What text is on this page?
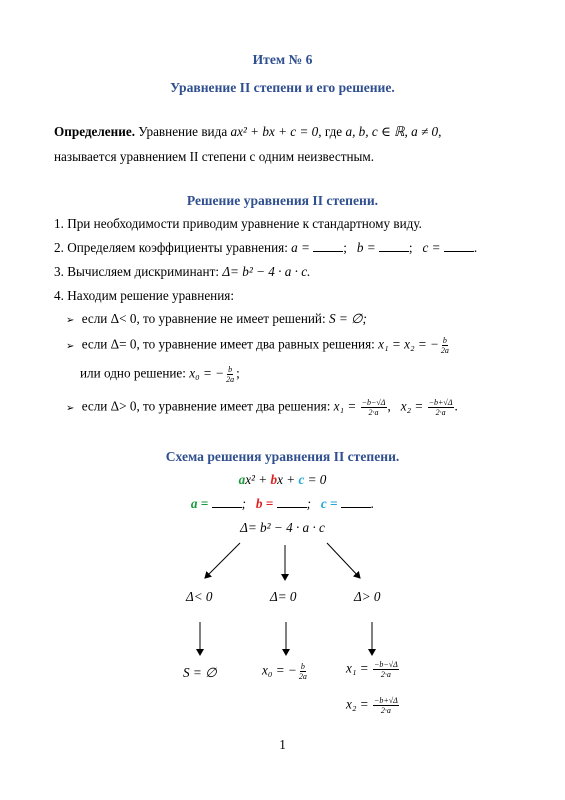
Итем № 6
Уравнение II степени и его решение.
Определение. Уравнение вида ax² + bx + c = 0, где a, b, c ∈ ℝ, a ≠ 0,
называется уравнением II степени с одним неизвестным.
Решение уравнения II степени.
1. При необходимости приводим уравнение к стандартному виду.
2. Определяем коэффициенты уравнения: a =	;   b =	;   c =	.
3. Вычисляем дискриминант: Δ= b² − 4 · a · c.
4. Находим решение уравнения:
➢ если Δ< 0, то уравнение не имеет решений: S = ∅;
➢ если Δ= 0, то уравнение имеет два равных решения: x₁ = x₂ = − $\frac{b}{2a}$
или одно решение: x₀ = − $\frac{b}{2a}$ ;
➢ если Δ> 0, то уравнение имеет два решения: $x_1 = \frac{-b-√\Delta}{2\cdot a}$ ,   $x_2 = \frac{-b+√\Delta}{2\cdot a}$ .
Схема решения уравнения II степени.
ax² + bx + c = 0
a =	;   b =	;   c =	.
Δ= b² − 4 · a · c
Δ< 0	Δ= 0	Δ> 0
S = ∅	x₀ = − $\frac{b}{2a}$	$x_1 = \frac{-b-√\Delta}{2\cdot a}$
$x_2 = \frac{-b+√\Delta}{2\cdot a}$
1
